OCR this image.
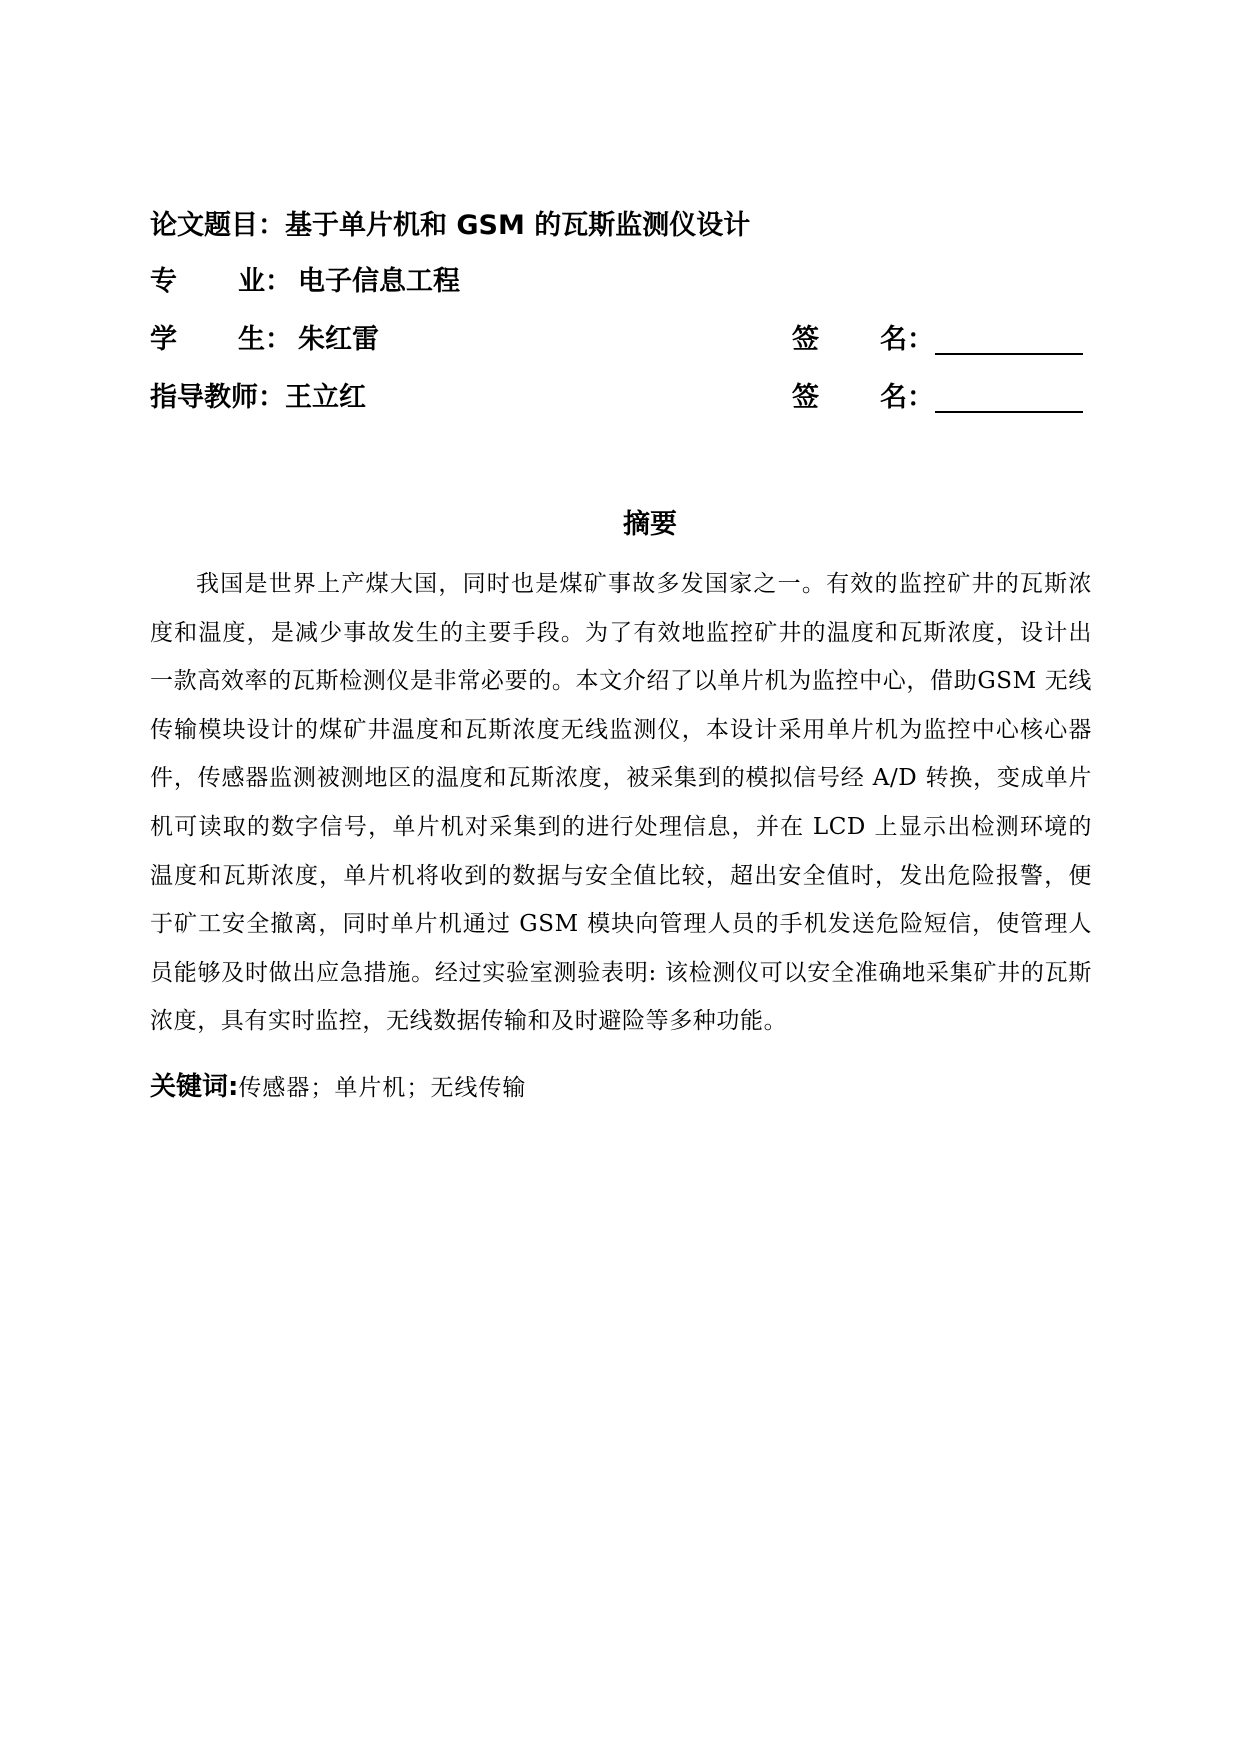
论文题目：基于单片机和 GSM 的瓦斯监测仪设计
专 业： 电子信息工程
学 生： 朱红雷	签 名：
指导教师：王立红	签 名：
摘要
我国是世界上产煤大国，同时也是煤矿事故多发国家之一。有效的监控矿井的瓦斯浓度和温度，是减少事故发生的主要手段。为了有效地监控矿井的温度和瓦斯浓度，设计出一款高效率的瓦斯检测仪是非常必要的。本文介绍了以单片机为监控中心，借助GSM 无线传输模块设计的煤矿井温度和瓦斯浓度无线监测仪，本设计采用单片机为监控中心核心器件，传感器监测被测地区的温度和瓦斯浓度，被采集到的模拟信号经 A/D 转换，变成单片机可读取的数字信号，单片机对采集到的进行处理信息，并在 LCD 上显示出检测环境的温度和瓦斯浓度，单片机将收到的数据与安全值比较，超出安全值时，发出危险报警，便于矿工安全撤离，同时单片机通过 GSM 模块向管理人员的手机发送危险短信，使管理人员能够及时做出应急措施。经过实验室测验表明: 该检测仪可以安全准确地采集矿井的瓦斯浓度，具有实时监控，无线数据传输和及时避险等多种功能。
关键词:传感器；单片机；无线传输
